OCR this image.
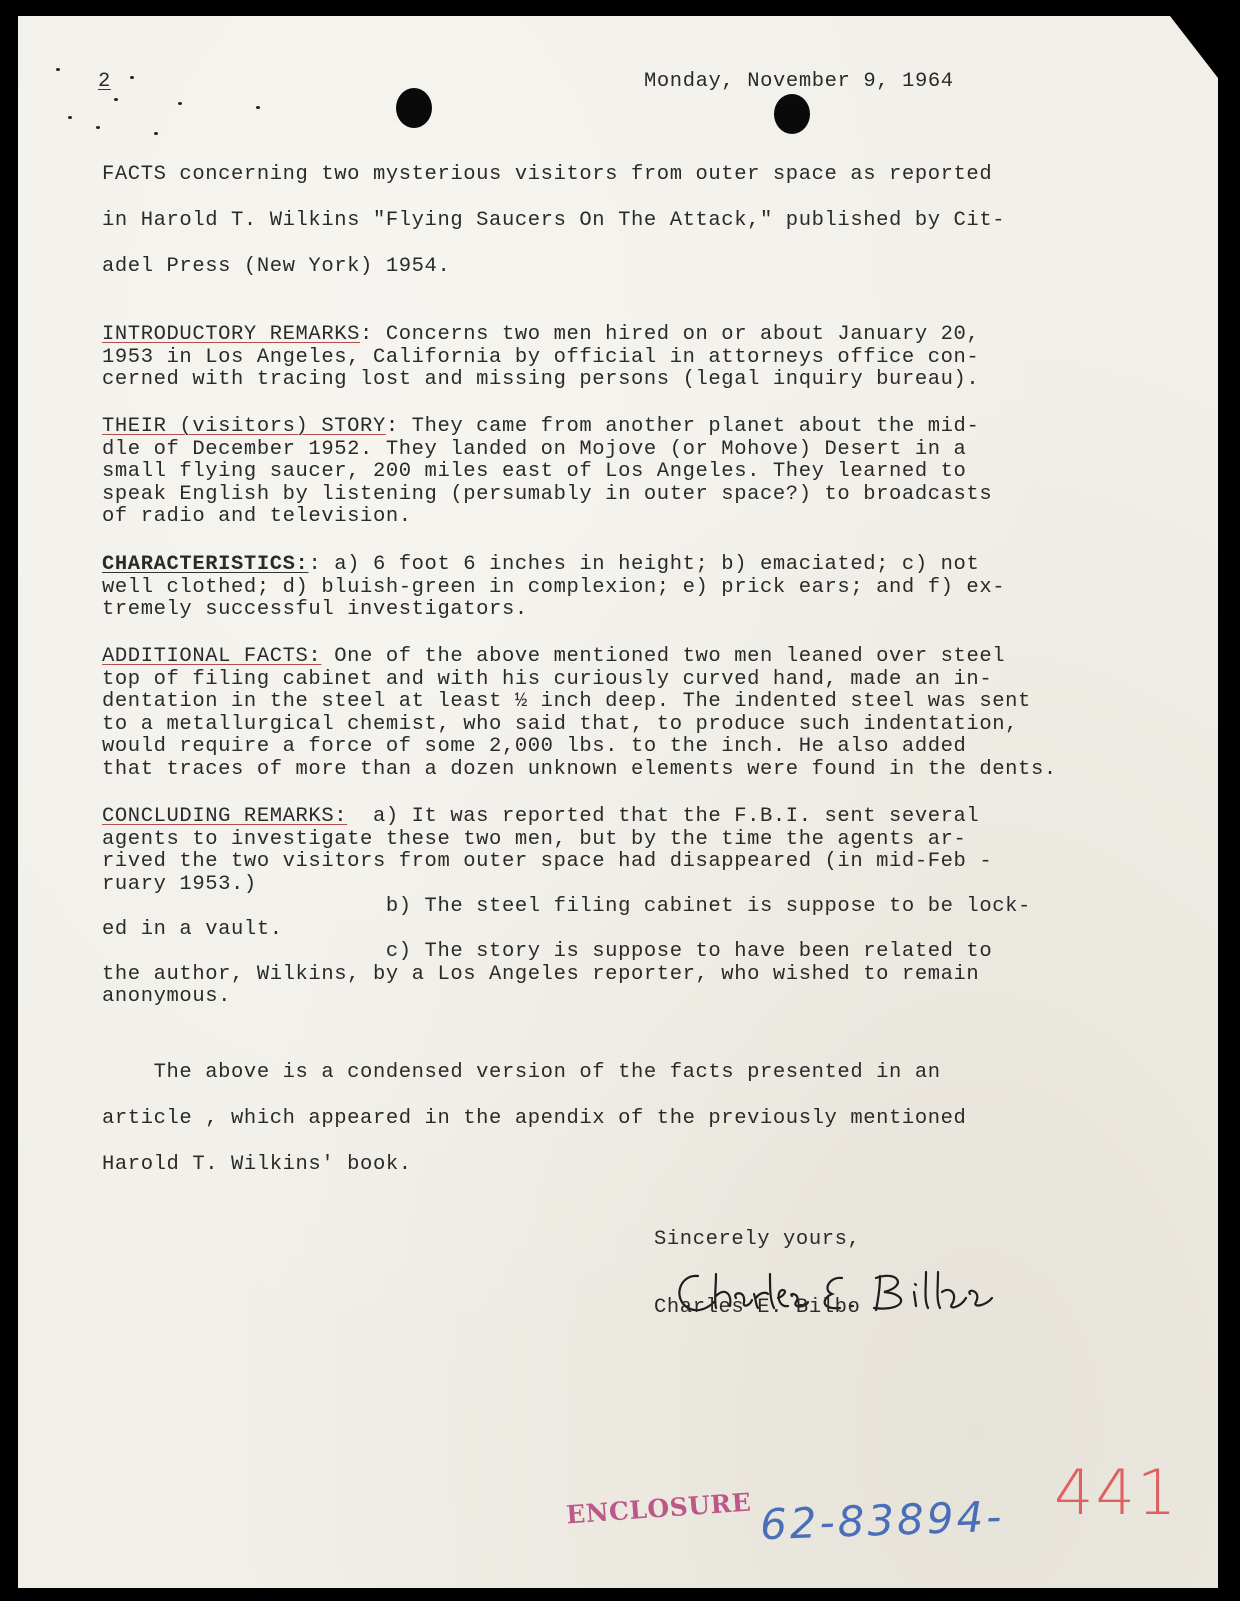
2	Monday, November 9, 1964
FACTS concerning two mysterious visitors from outer space as reported
in Harold T. Wilkins "Flying Saucers On The Attack," published by Cit-
adel Press (New York) 1954.
INTRODUCTORY REMARKS: Concerns two men hired on or about January 20,
1953 in Los Angeles, California by official in attorneys office con-
cerned with tracing lost and missing persons (legal inquiry bureau).
THEIR (visitors) STORY: They came from another planet about the mid-
dle of December 1952. They landed on Mojove (or Mohove) Desert in a
small flying saucer, 200 miles east of Los Angeles. They learned to
speak English by listening (persumably in outer space?) to broadcasts
of radio and television.
CHARACTERISTICS:: a) 6 foot 6 inches in height; b) emaciated; c) not
well clothed; d) bluish-green in complexion; e) prick ears; and f) ex-
tremely successful investigators.
ADDITIONAL FACTS: One of the above mentioned two men leaned over steel
top of filing cabinet and with his curiously curved hand, made an in-
dentation in the steel at least ½ inch deep. The indented steel was sent
to a metallurgical chemist, who said that, to produce such indentation,
would require a force of some 2,000 lbs. to the inch. He also added
that traces of more than a dozen unknown elements were found in the dents.
CONCLUDING REMARKS:  a) It was reported that the F.B.I. sent several
agents to investigate these two men, but by the time the agents ar-
rived the two visitors from outer space had disappeared (in mid-Feb -
ruary 1953.)
b) The steel filing cabinet is suppose to be lock-
ed in a vault.
c) The story is suppose to have been related to
the author, Wilkins, by a Los Angeles reporter, who wished to remain
anonymous.
The above is a condensed version of the facts presented in an
article , which appeared in the apendix of the previously mentioned
Harold T. Wilkins' book.
Sincerely yours,
Charles E. Bilbo
ENCLOSURE 62-83894- 441
